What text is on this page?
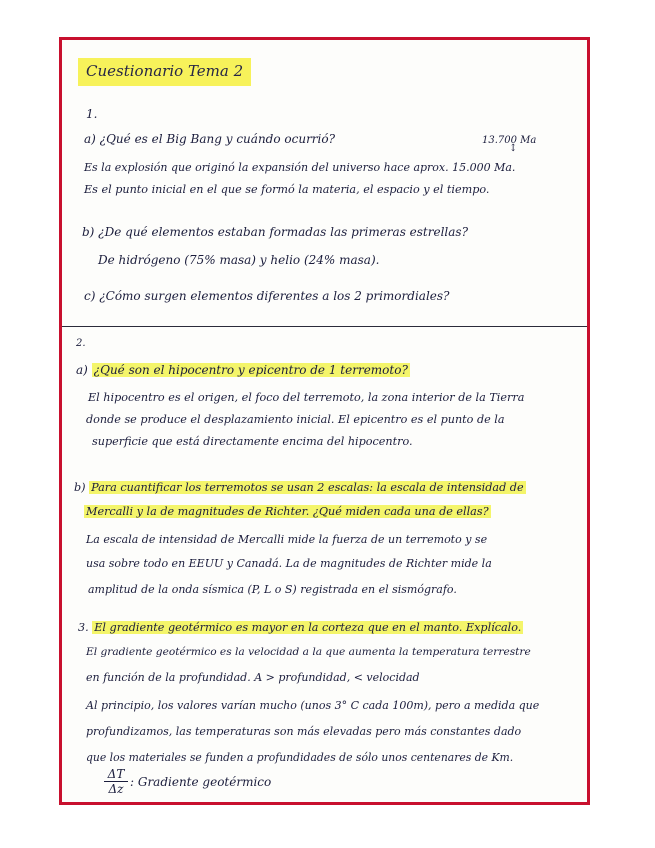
Cuestionario Tema 2
1.
a) ¿Qué es el Big Bang y cuándo ocurrió?	13.700 Ma
↕
Es la explosión que originó la expansión del universo hace aprox. 15.000 Ma.
Es el punto inicial en el que se formó la materia, el espacio y el tiempo.
b) ¿De qué elementos estaban formadas las primeras estrellas?
De hidrógeno (75% masa) y helio (24% masa).
c) ¿Cómo surgen elementos diferentes a los 2 primordiales?
2.
a) ¿Qué son el hipocentro y epicentro de 1 terremoto?
El hipocentro es el origen, el foco del terremoto, la zona interior de la Tierra
donde se produce el desplazamiento inicial. El epicentro es el punto de la
superficie que está directamente encima del hipocentro.
b) Para cuantificar los terremotos se usan 2 escalas: la escala de intensidad de
Mercalli y la de magnitudes de Richter. ¿Qué miden cada una de ellas?
La escala de intensidad de Mercalli mide la fuerza de un terremoto y se
usa sobre todo en EEUU y Canadá. La de magnitudes de Richter mide la
amplitud de la onda sísmica (P, L o S) registrada en el sismógrafo.
3. El gradiente geotérmico es mayor en la corteza que en el manto. Explícalo.
El gradiente geotérmico es la velocidad a la que aumenta la temperatura terrestre
en función de la profundidad. A > profundidad, < velocidad
Al principio, los valores varían mucho (unos 3° C cada 100m), pero a medida que
profundizamos, las temperaturas son más elevadas pero más constantes dado
que los materiales se funden a profundidades de sólo unos centenares de Km.
ΔT
Δz : Gradiente geotérmico
